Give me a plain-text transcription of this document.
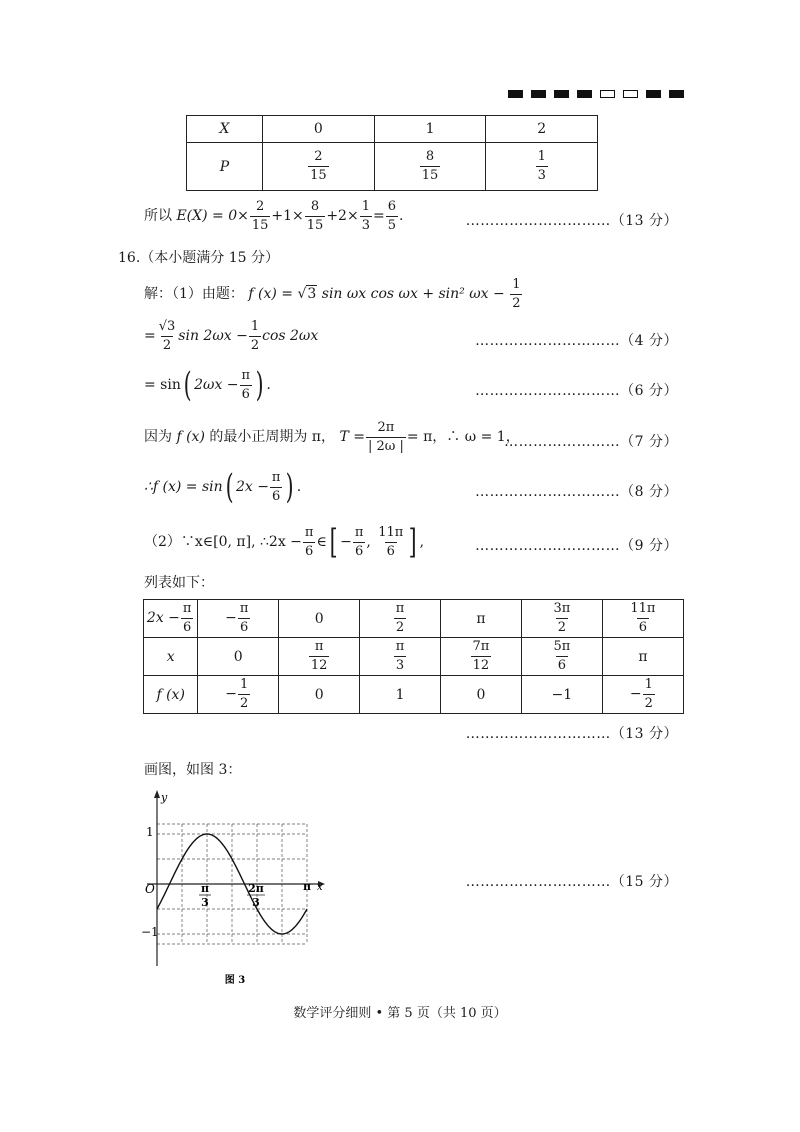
X	0	1	2
P	$\frac{2}{15}$	$\frac{8}{15}$	$\frac{1}{3}$
所以 $E(X) = 0\times \frac{2}{15} +1\times \frac{8}{15} +2\times \frac{1}{3} = \frac{6}{5}$ .	…………………………（13 分）
16.（本小题满分 15 分）
解：（1）由题： f (x) = √3 sin ωx cos ωx + sin² $\omega x - \frac{1}{2}$
= $\frac{√3}{2}$ $\sin 2\omega x - \frac{1}{2}$ cos 2ωx	…………………………（4 分）
= sin( $2\omega x - \frac{\pi}{6}$ ) .	…………………………（6 分）
因为 f (x) 的最小正周期为 π， $T = \frac{2\pi}{| 2\omega |} = \pi$，∴ ω = 1，
……………………（7 分）
∴f (x) = sin( $2x - \frac{\pi}{6}$ ) .	…………………………（8 分）
（2）∵x∈[0, π], ∴2x − $\frac{\pi}{6}$ ∈[ − $\frac{\pi}{6}$ , $\frac{11\pi}{6}$ ] ,	…………………………（9 分）
列表如下：
$2x - \frac{\pi}{6}$	− $\frac{\pi}{6}$	0	$\frac{\pi}{2}$	π	$\frac{3\pi}{2}$	$\frac{11\pi}{6}$

x	0	$\frac{\pi}{12}$	$\frac{\pi}{3}$	$\frac{7\pi}{12}$	$\frac{5\pi}{6}$	π
f (x)	− $\frac{1}{2}$	0	1	0	−1	− $\frac{1}{2}$
…………………………（13 分）
画图，如图 3：
y
x
O
1
−1
π
3
2π
3
π
图 3
…………………………（15 分）
数学评分细则 • 第 5 页（共 10 页）
